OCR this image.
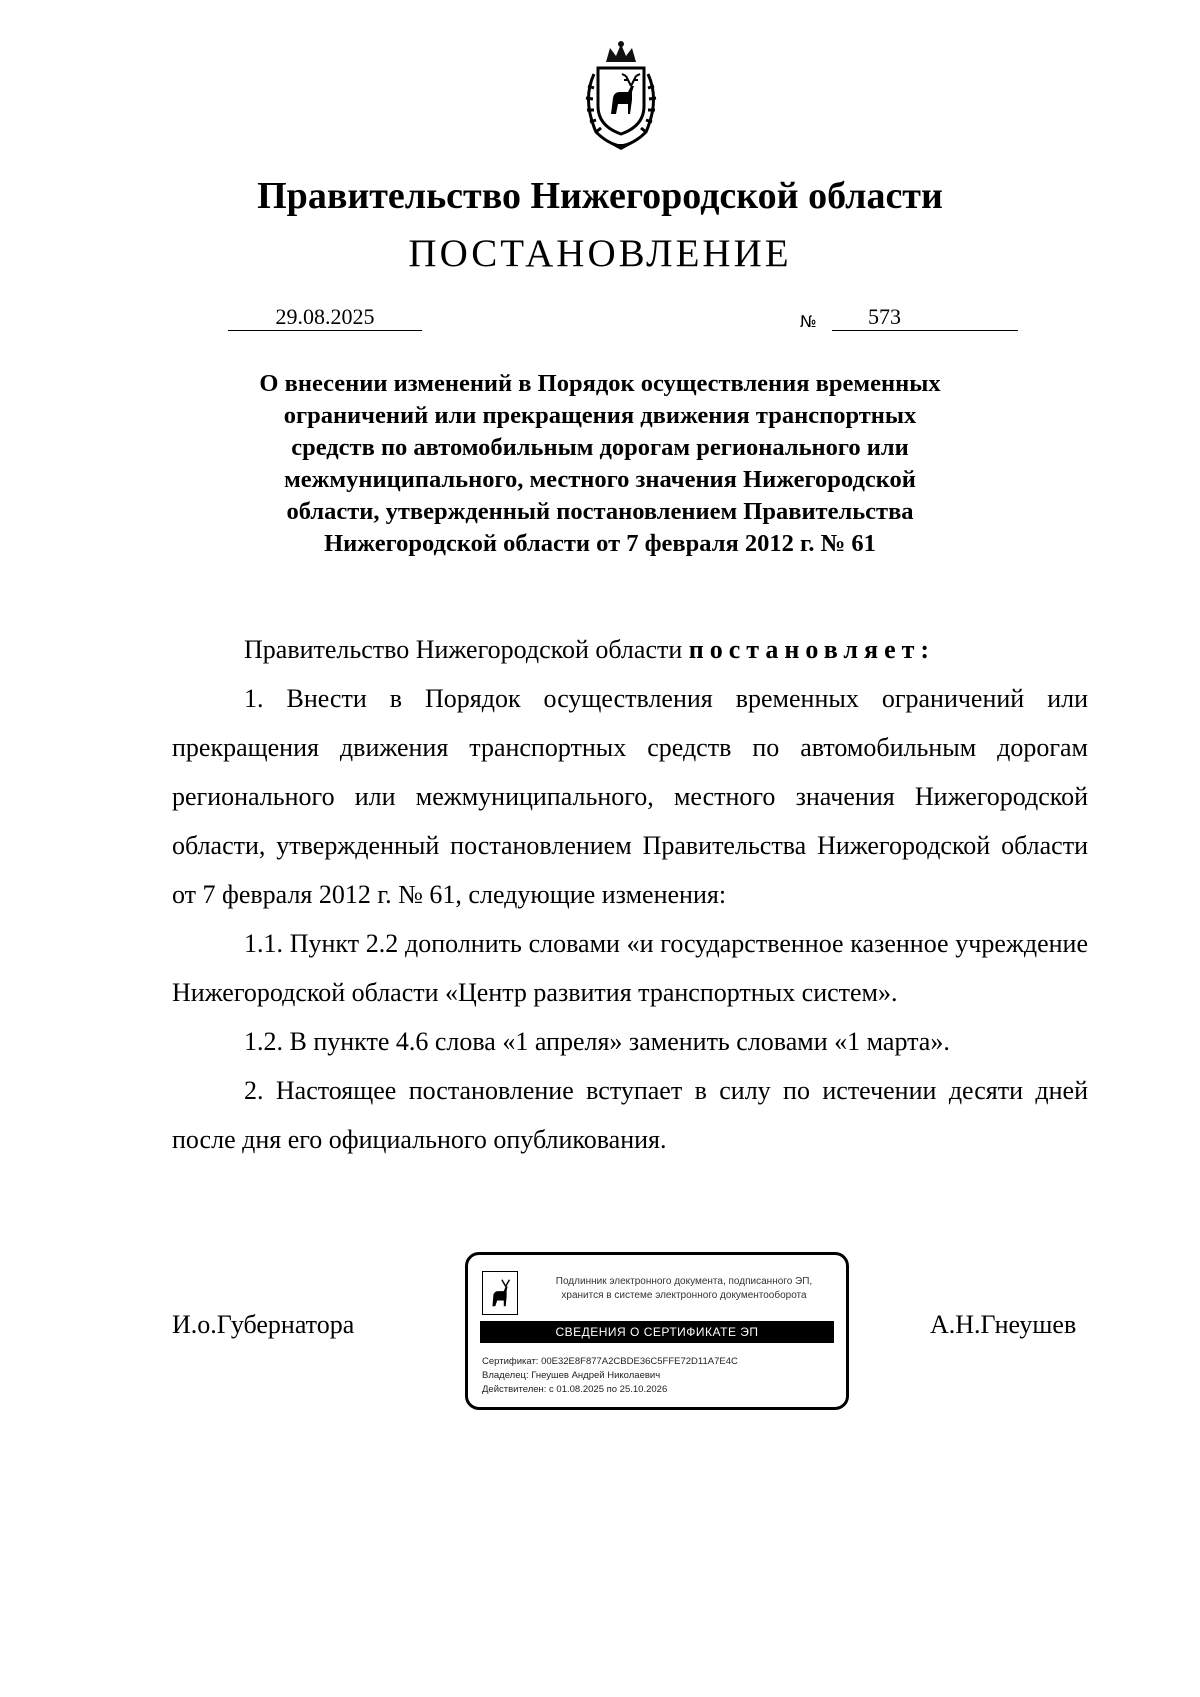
Правительство Нижегородской области
ПОСТАНОВЛЕНИЕ
29.08.2025	№	573
О внесении изменений в Порядок осуществления временных
ограничений или прекращения движения транспортных
средств по автомобильным дорогам регионального или
межмуниципального, местного значения Нижегородской
области, утвержденный постановлением Правительства
Нижегородской области от 7 февраля 2012 г. № 61

Правительство Нижегородской области постановляет:

1. Внести в Порядок осуществления временных ограничений или прекращения движения транспортных средств по автомобильным дорогам регионального или межмуниципального, местного значения Нижегородской области, утвержденный постановлением Правительства Нижегородской области от 7 февраля 2012 г. № 61, следующие изменения:

1.1. Пункт 2.2 дополнить словами «и государственное казенное учреждение Нижегородской области «Центр развития транспортных систем».

1.2. В пункте 4.6 слова «1 апреля» заменить словами «1 марта».

2. Настоящее постановление вступает в силу по истечении десяти дней после дня его официального опубликования.

И.о.Губернатора	А.Н.Гнеушев
Подлинник электронного документа, подписанного ЭП,
хранится в системе электронного документооборота
СВЕДЕНИЯ О СЕРТИФИКАТЕ ЭП
Сертификат: 00E32E8F877A2CBDE36C5FFE72D11A7E4C
Владелец: Гнеушев Андрей Николаевич
Действителен: с 01.08.2025 по 25.10.2026
